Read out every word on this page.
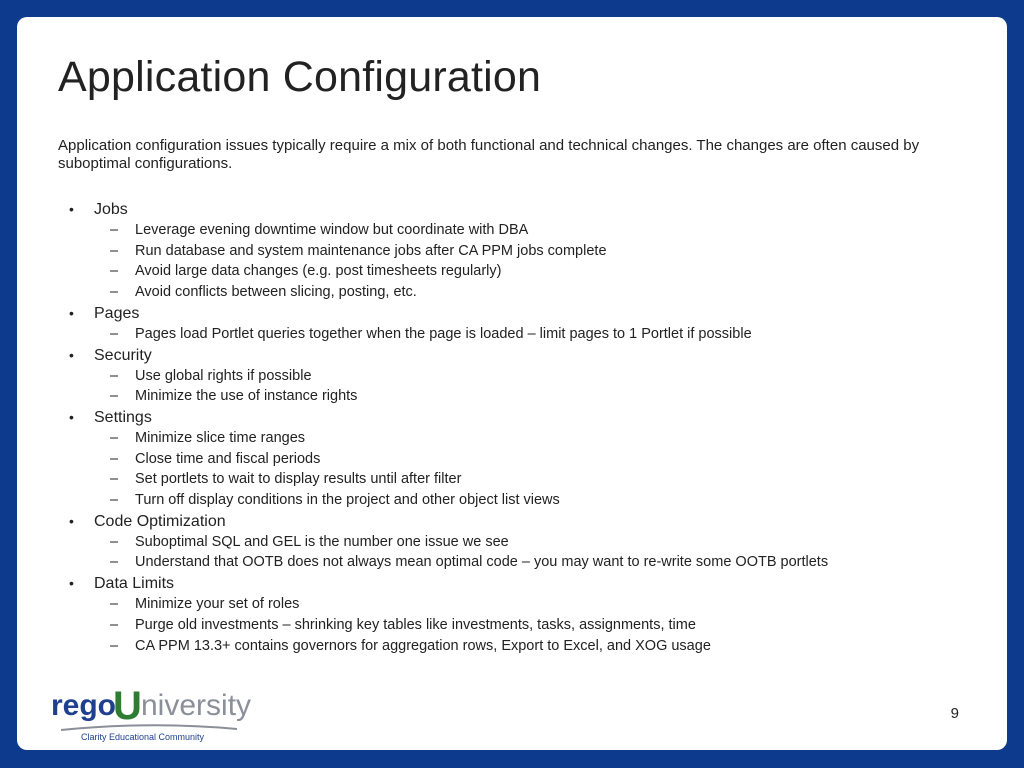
Application Configuration

Application configuration issues typically require a mix of both functional and technical changes. The changes are often caused by suboptimal configurations.

• Jobs
– Leverage evening downtime window but coordinate with DBA
– Run database and system maintenance jobs after CA PPM jobs complete
– Avoid large data changes (e.g. post timesheets regularly)
– Avoid conflicts between slicing, posting, etc.
• Pages
– Pages load Portlet queries together when the page is loaded – limit pages to 1 Portlet if possible
• Security
– Use global rights if possible
– Minimize the use of instance rights
• Settings
– Minimize slice time ranges
– Close time and fiscal periods
– Set portlets to wait to display results until after filter
– Turn off display conditions in the project and other object list views
• Code Optimization
– Suboptimal SQL and GEL is the number one issue we see
– Understand that OOTB does not always mean optimal code – you may want to re-write some OOTB portlets
• Data Limits
– Minimize your set of roles
– Purge old investments – shrinking key tables like investments, tasks, assignments, time
– CA PPM 13.3+ contains governors for aggregation rows, Export to Excel, and XOG usage
rego
U niversity
Clarity Educational Community
9
